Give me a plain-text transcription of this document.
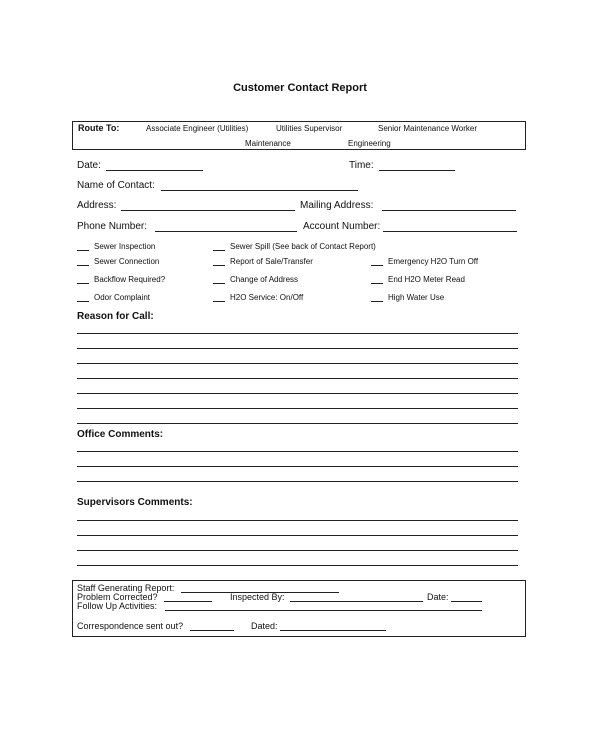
Customer Contact Report
Route To:	Associate Engineer (Utilities)	Utilities Supervisor	Senior Maintenance Worker
Maintenance	Engineering
Date:	Time:
Name of Contact:
Address:	Mailing Address:
Phone Number:	Account Number:
Sewer Inspection	Sewer Spill (See back of Contact Report)
Sewer Connection	Report of Sale/Transfer	Emergency H2O Turn Off
Backflow Required?	Change of Address	End H2O Meter Read
Odor Complaint	H2O Service: On/Off	High Water Use
Reason for Call:
Office Comments:
Supervisors Comments:
Staff Generating Report:
Problem Corrected?	Inspected By:	Date:
Follow Up Activities:
Correspondence sent out?	Dated:
